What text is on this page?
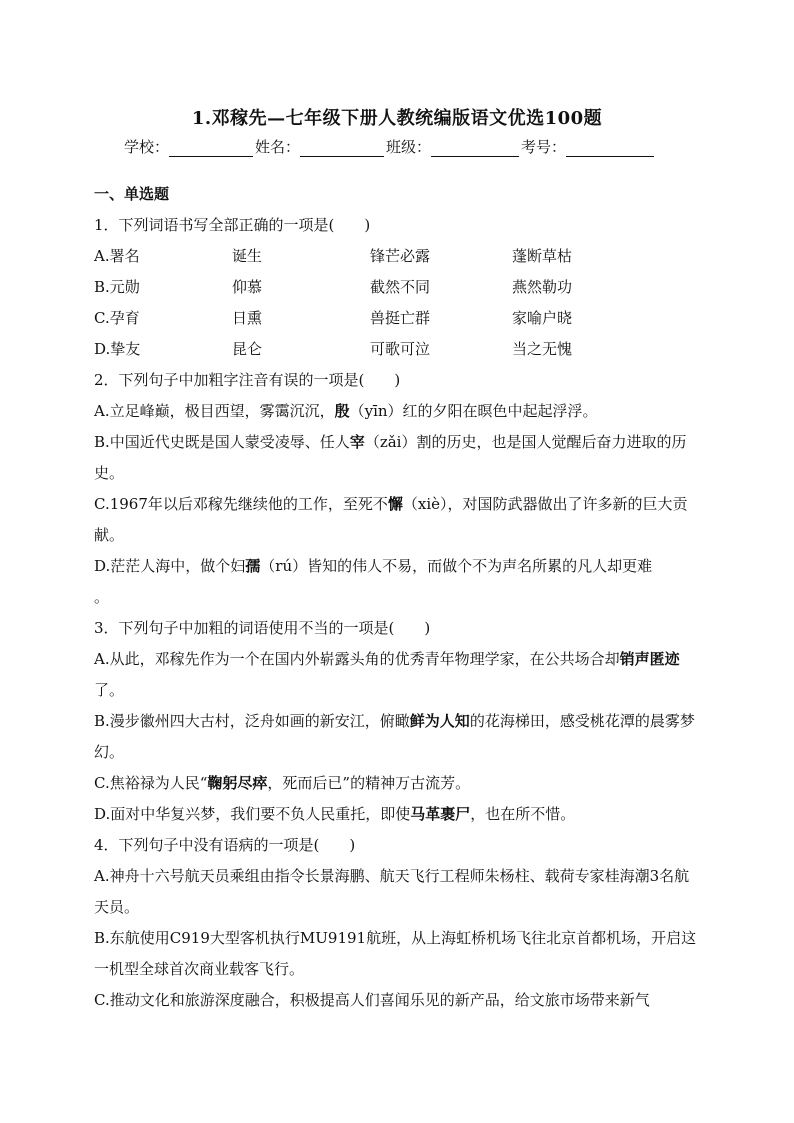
1.邓稼先—七年级下册人教统编版语文优选100题
学校：	姓名：	班级：	考号：
一、单选题
1．下列词语书写全部正确的一项是(　　)
A.署名	诞生	锋芒必露	蓬断草枯
B.元勋	仰慕	截然不同	燕然勒功
C.孕育	日熏	兽挺亡群	家喻户晓
D.挚友	昆仑	可歌可泣	当之无愧
2．下列句子中加粗字注音有误的一项是(　　)
A.立足峰巅，极目西望，雾霭沉沉，殷（yīn）红的夕阳在暝色中起起浮浮。
B.中国近代史既是国人蒙受凌辱、任人宰（zǎi）割的历史，也是国人觉醒后奋力进取的历史。
C.1967年以后邓稼先继续他的工作，至死不懈（xiè），对国防武器做出了许多新的巨大贡献。
D.茫茫人海中，做个妇孺（rú）皆知的伟人不易，而做个不为声名所累的凡人却更难
。
3．下列句子中加粗的词语使用不当的一项是(　　)
A.从此，邓稼先作为一个在国内外崭露头角的优秀青年物理学家，在公共场合却销声匿迹了。
B.漫步徽州四大古村，泛舟如画的新安江，俯瞰鲜为人知的花海梯田，感受桃花潭的晨雾梦幻。
C.焦裕禄为人民“鞠躬尽瘁，死而后已”的精神万古流芳。
D.面对中华复兴梦，我们要不负人民重托，即使马革裹尸，也在所不惜。
4．下列句子中没有语病的一项是(　　)
A.神舟十六号航天员乘组由指令长景海鹏、航天飞行工程师朱杨柱、载荷专家桂海潮3名航天员。
B.东航使用C919大型客机执行MU9191航班，从上海虹桥机场飞往北京首都机场，开启这一机型全球首次商业载客飞行。
C.推动文化和旅游深度融合，积极提高人们喜闻乐见的新产品，给文旅市场带来新气
